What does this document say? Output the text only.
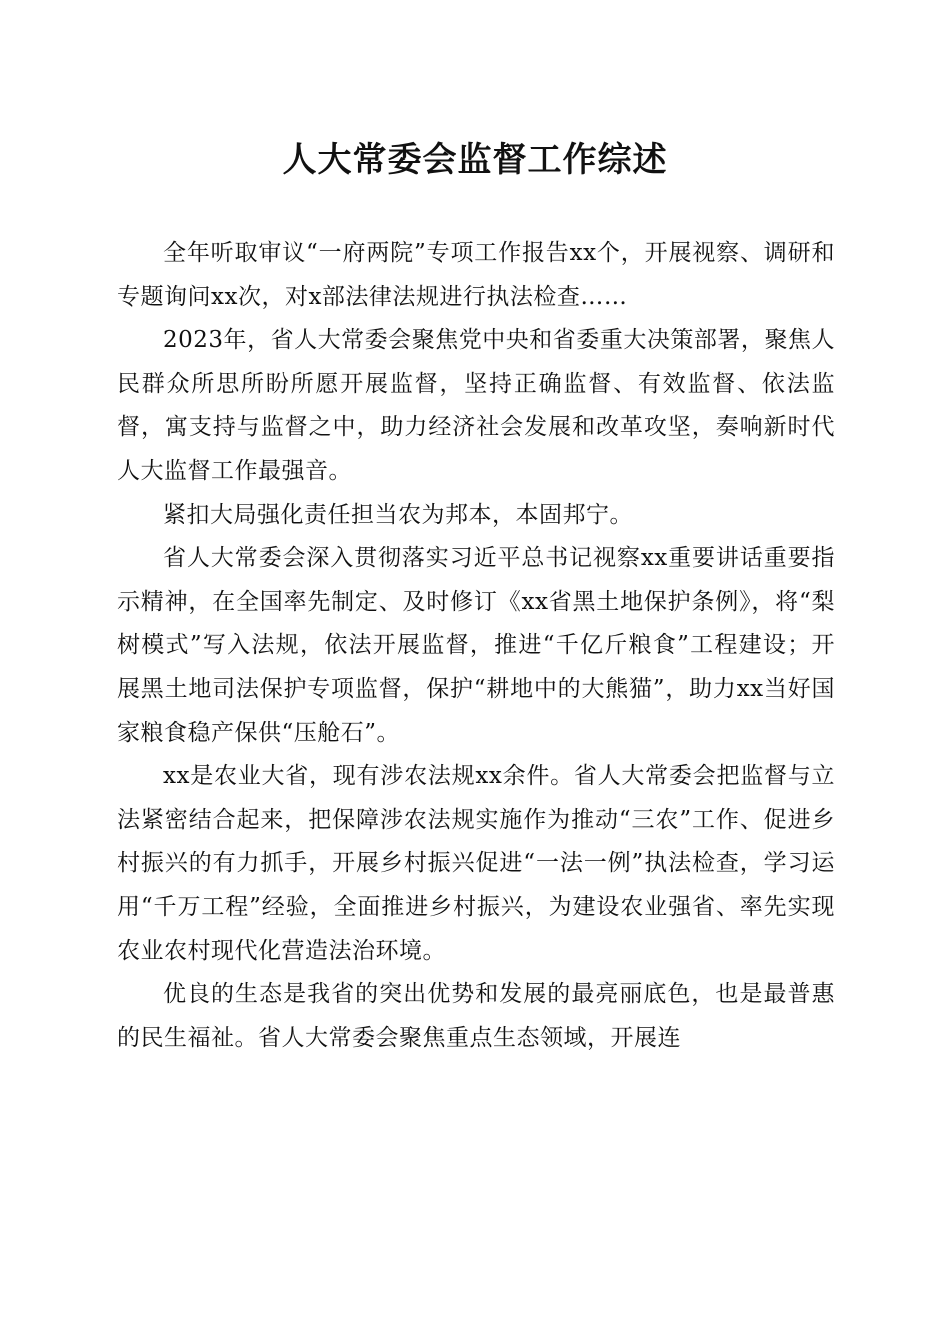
人大常委会监督工作综述

全年听取审议“一府两院”专项工作报告xx个，开展视察、调研和专题询问xx次，对x部法律法规进行执法检查……

2023年，省人大常委会聚焦党中央和省委重大决策部署，聚焦人民群众所思所盼所愿开展监督，坚持正确监督、有效监督、依法监督，寓支持与监督之中，助力经济社会发展和改革攻坚，奏响新时代人大监督工作最强音。

紧扣大局强化责任担当农为邦本，本固邦宁。

省人大常委会深入贯彻落实习近平总书记视察xx重要讲话重要指示精神，在全国率先制定、及时修订《xx省黑土地保护条例》，将“梨树模式”写入法规，依法开展监督，推进“千亿斤粮食”工程建设；开展黑土地司法保护专项监督，保护“耕地中的大熊猫”，助力xx当好国家粮食稳产保供“压舱石”。

xx是农业大省，现有涉农法规xx余件。省人大常委会把监督与立法紧密结合起来，把保障涉农法规实施作为推动“三农”工作、促进乡村振兴的有力抓手，开展乡村振兴促进“一法一例”执法检查，学习运用“千万工程”经验，全面推进乡村振兴，为建设农业强省、率先实现农业农村现代化营造法治环境。

优良的生态是我省的突出优势和发展的最亮丽底色，也是最普惠的民生福祉。省人大常委会聚焦重点生态领域，开展连
